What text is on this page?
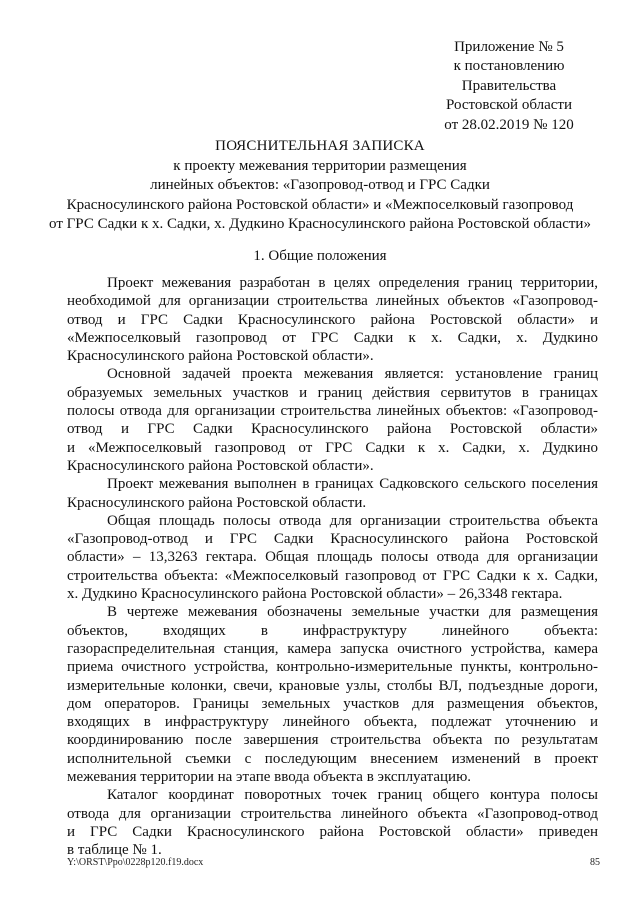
Приложение № 5
к постановлению
Правительства
Ростовской области
от 28.02.2019 № 120
ПОЯСНИТЕЛЬНАЯ ЗАПИСКА
к проекту межевания территории размещения
линейных объектов: «Газопровод-отвод и ГРС Садки
Красносулинского района Ростовской области» и «Межпоселковый газопровод
от ГРС Садки к х. Садки, х. Дудкино Красносулинского района Ростовской области»
1. Общие положения
Проект межевания разработан в целях определения границ территории,
необходимой для организации строительства линейных объектов «Газопровод-
отвод и ГРС Садки Красносулинского района Ростовской области» и
«Межпоселковый газопровод от ГРС Садки к х. Садки, х. Дудкино
Красносулинского района Ростовской области».
Основной задачей проекта межевания является: установление границ
образуемых земельных участков и границ действия сервитутов в границах
полосы отвода для организации строительства линейных объектов: «Газопровод-
отвод и ГРС Садки Красносулинского района Ростовской области»
и «Межпоселковый газопровод от ГРС Садки к х. Садки, х. Дудкино
Красносулинского района Ростовской области».
Проект межевания выполнен в границах Садковского сельского поселения
Красносулинского района Ростовской области.
Общая площадь полосы отвода для организации строительства объекта
«Газопровод-отвод и ГРС Садки Красносулинского района Ростовской
области» – 13,3263 гектара. Общая площадь полосы отвода для организации
строительства объекта: «Межпоселковый газопровод от ГРС Садки к х. Садки,
х. Дудкино Красносулинского района Ростовской области» – 26,3348 гектара.
В чертеже межевания обозначены земельные участки для размещения
объектов, входящих в инфраструктуру линейного объекта:
газораспределительная станция, камера запуска очистного устройства, камера
приема очистного устройства, контрольно-измерительные пункты, контрольно-
измерительные колонки, свечи, крановые узлы, столбы ВЛ, подъездные дороги,
дом операторов. Границы земельных участков для размещения объектов,
входящих в инфраструктуру линейного объекта, подлежат уточнению и
координированию после завершения строительства объекта по результатам
исполнительной съемки с последующим внесением изменений в проект
межевания территории на этапе ввода объекта в эксплуатацию.
Каталог координат поворотных точек границ общего контура полосы
отвода для организации строительства линейного объекта «Газопровод-отвод
и ГРС Садки Красносулинского района Ростовской области» приведен
в таблице № 1.
Y:\ORST\Ppo\0228p120.f19.docx	85
